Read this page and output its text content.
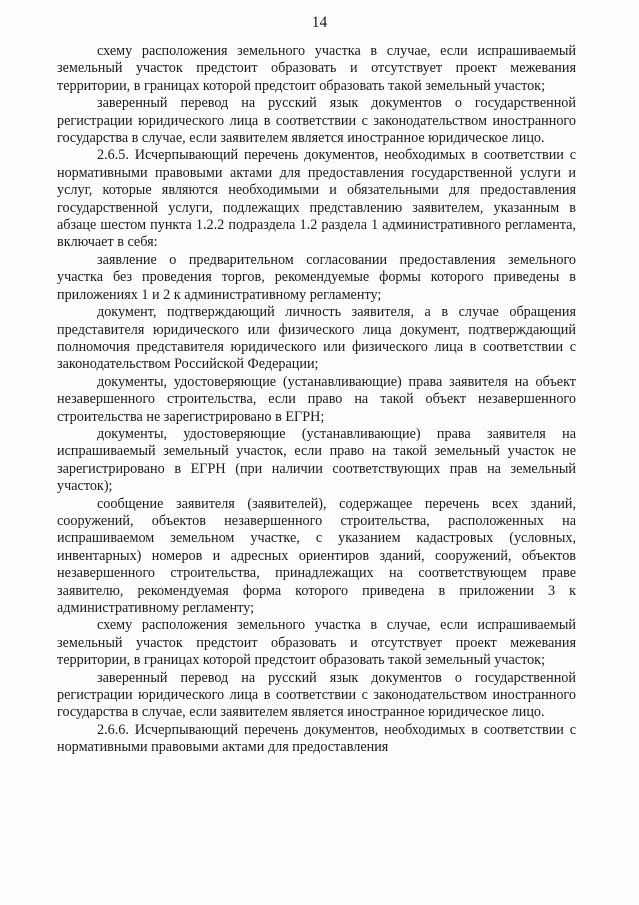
14

схему расположения земельного участка в случае, если испрашиваемый земельный участок предстоит образовать и отсутствует проект межевания территории, в границах которой предстоит образовать такой земельный участок;

заверенный перевод на русский язык документов о государственной регистрации юридического лица в соответствии с законодательством иностранного государства в случае, если заявителем является иностранное юридическое лицо.

2.6.5. Исчерпывающий перечень документов, необходимых в соответствии с нормативными правовыми актами для предоставления государственной услуги и услуг, которые являются необходимыми и обязательными для предоставления государственной услуги, подлежащих представлению заявителем, указанным в абзаце шестом пункта 1.2.2 подраздела 1.2 раздела 1 административного регламента, включает в себя:

заявление о предварительном согласовании предоставления земельного участка без проведения торгов, рекомендуемые формы которого приведены в приложениях 1 и 2 к административному регламенту;

документ, подтверждающий личность заявителя, а в случае обращения представителя юридического или физического лица документ, подтверждающий полномочия представителя юридического или физического лица в соответствии с законодательством Российской Федерации;

документы, удостоверяющие (устанавливающие) права заявителя на объект незавершенного строительства, если право на такой объект незавершенного строительства не зарегистрировано в ЕГРН;

документы, удостоверяющие (устанавливающие) права заявителя на испрашиваемый земельный участок, если право на такой земельный участок не зарегистрировано в ЕГРН (при наличии соответствующих прав на земельный участок);

сообщение заявителя (заявителей), содержащее перечень всех зданий, сооружений, объектов незавершенного строительства, расположенных на испрашиваемом земельном участке, с указанием кадастровых (условных, инвентарных) номеров и адресных ориентиров зданий, сооружений, объектов незавершенного строительства, принадлежащих на соответствующем праве заявителю, рекомендуемая форма которого приведена в приложении 3 к административному регламенту;

схему расположения земельного участка в случае, если испрашиваемый земельный участок предстоит образовать и отсутствует проект межевания территории, в границах которой предстоит образовать такой земельный участок;

заверенный перевод на русский язык документов о государственной регистрации юридического лица в соответствии с законодательством иностранного государства в случае, если заявителем является иностранное юридическое лицо.

2.6.6. Исчерпывающий перечень документов, необходимых в соответствии с нормативными правовыми актами для предоставления
